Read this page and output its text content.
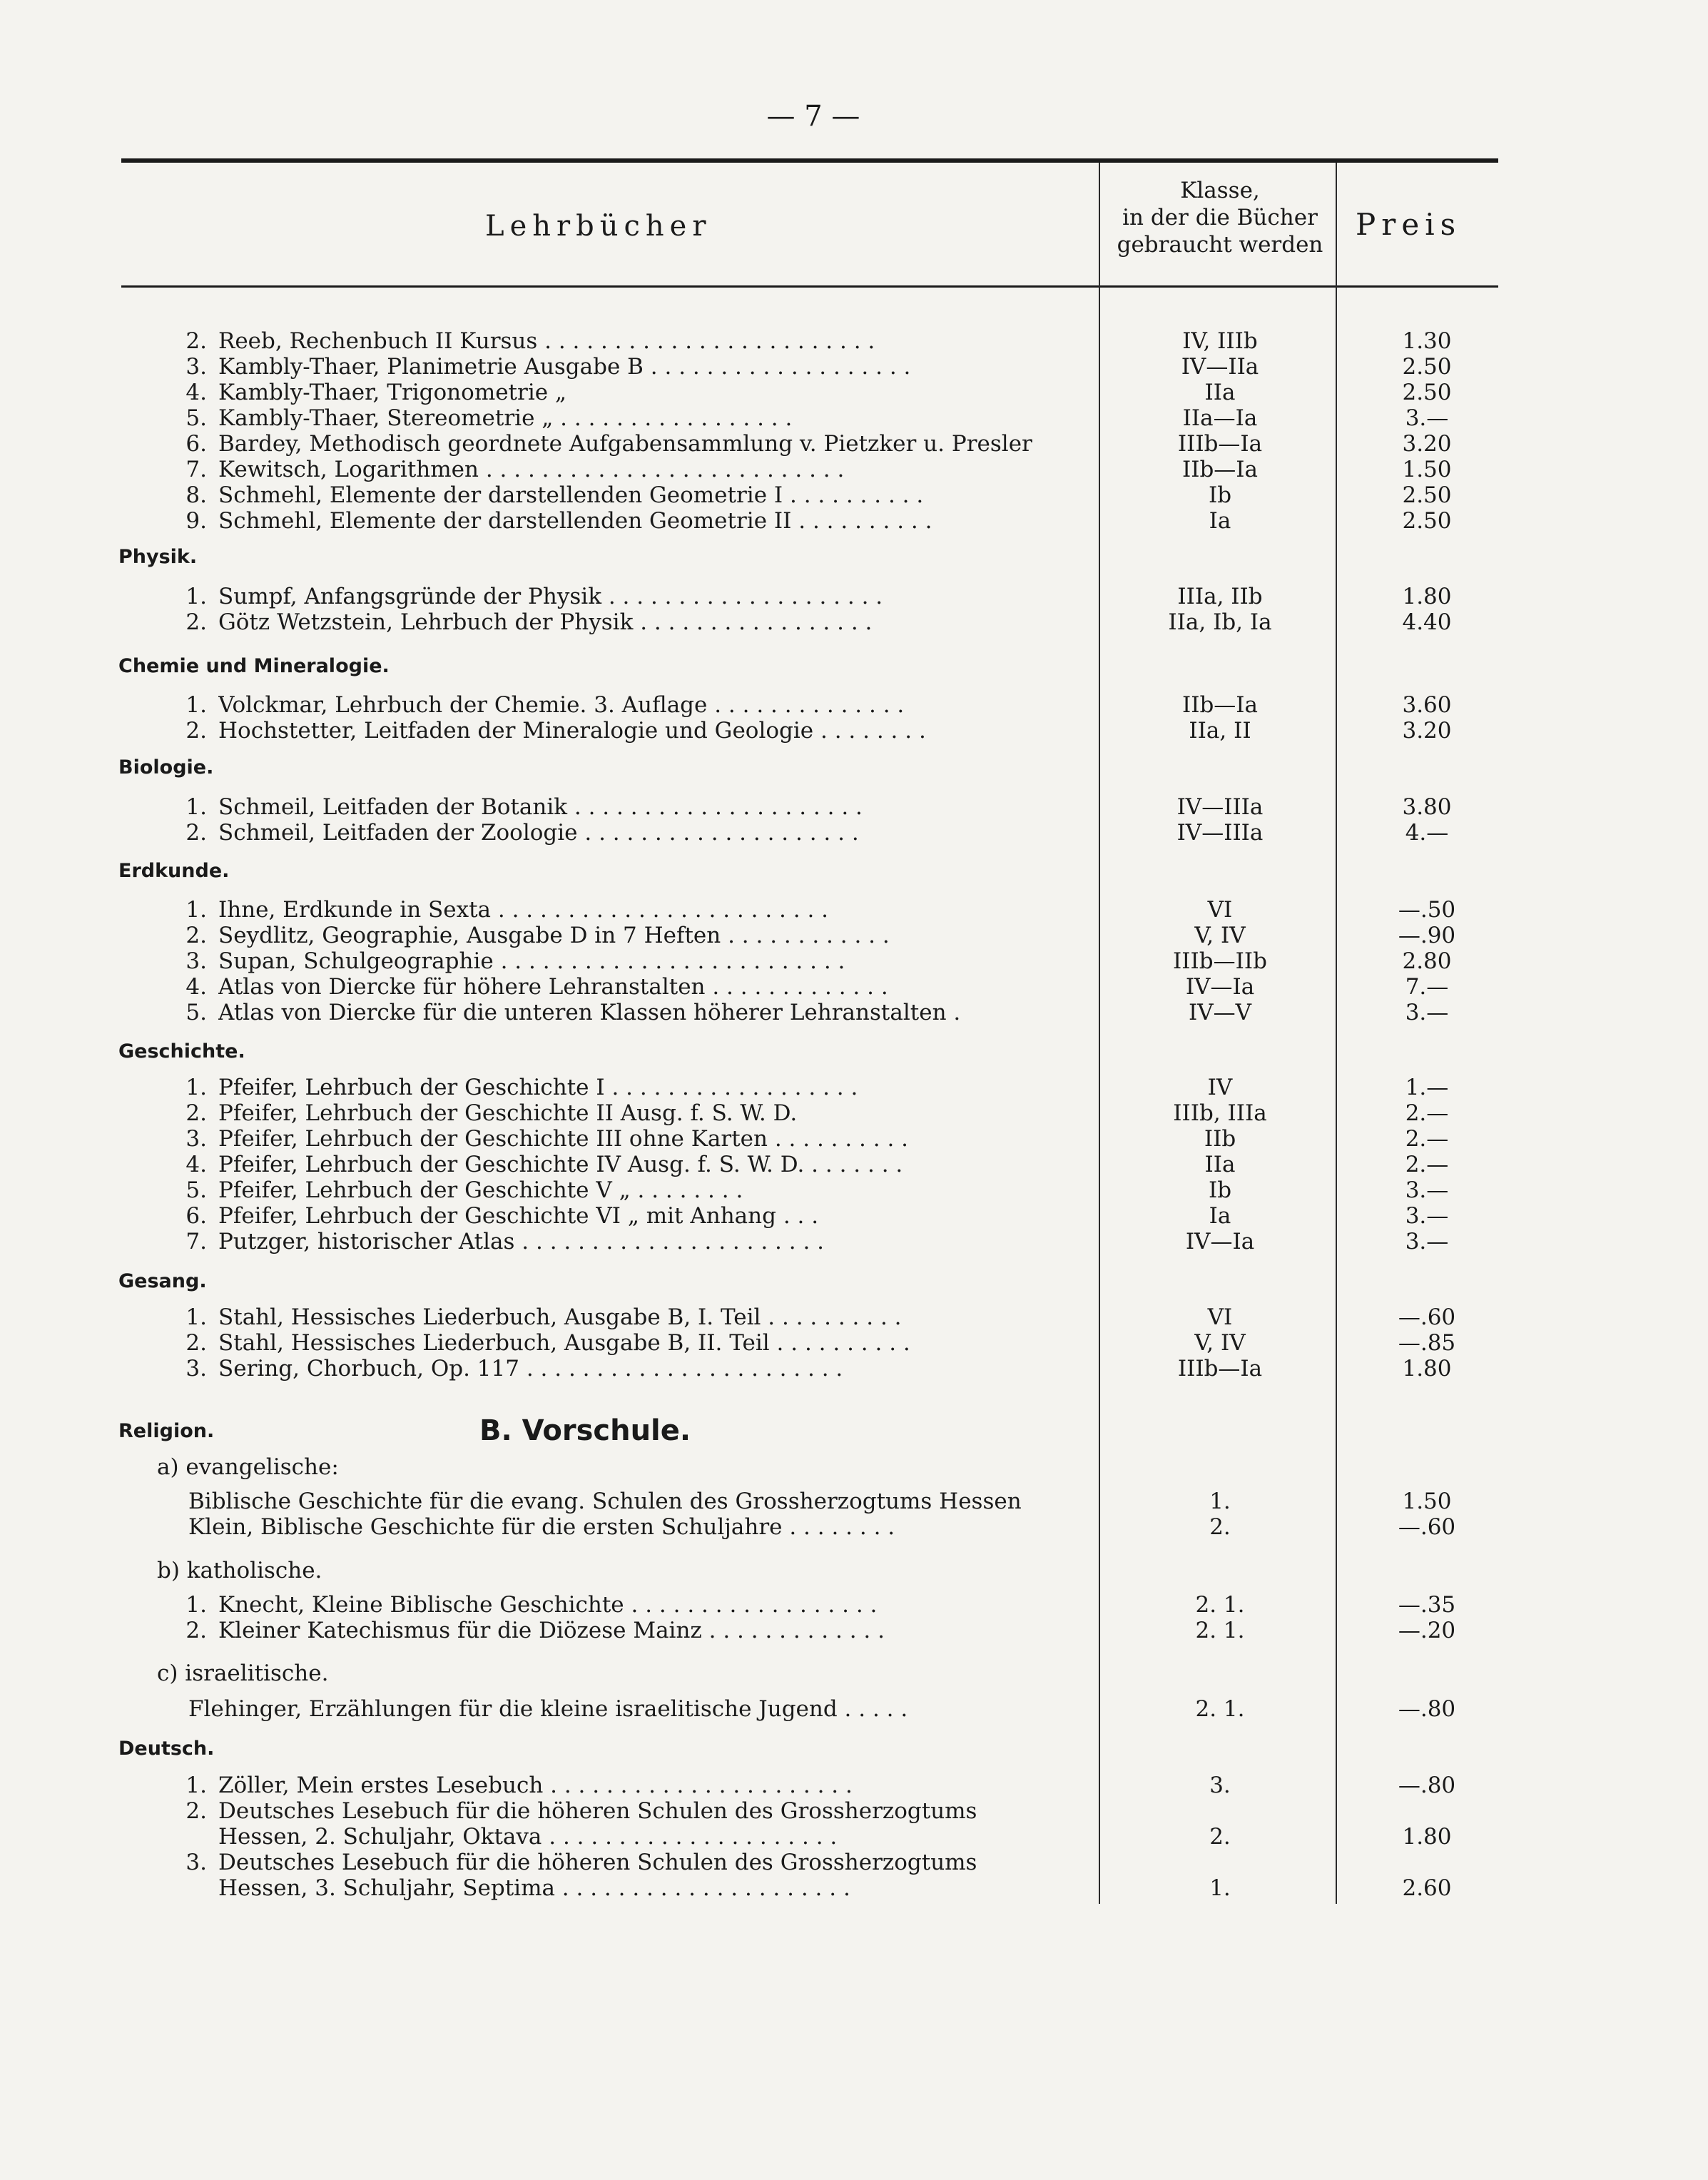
— 7 —
Lehrbücher
Klasse,
in der die Bücher
gebraucht werden
Preis
Physik.
Chemie und Mineralogie.
Biologie.
Erdkunde.
Geschichte.
Gesang.
Religion.
Deutsch.
B. Vorschule.
a) evangelische:
b) katholische.
c) israelitische.
2. Reeb, Rechenbuch II Kursus . . . . . . . . . . . . . . . . . . . . . . . .	IV, IIIb	1.30
3. Kambly-Thaer, Planimetrie Ausgabe B . . . . . . . . . . . . . . . . . . .	IV—IIa	2.50
4. Kambly-Thaer, Trigonometrie „	IIa	2.50
5. Kambly-Thaer, Stereometrie „ . . . . . . . . . . . . . . . . .	IIa—Ia	3.—
6. Bardey, Methodisch geordnete Aufgabensammlung v. Pietzker u. Presler	IIIb—Ia	3.20
7. Kewitsch, Logarithmen . . . . . . . . . . . . . . . . . . . . . . . . . .	IIb—Ia	1.50
8. Schmehl, Elemente der darstellenden Geometrie I . . . . . . . . . .	Ib	2.50
9. Schmehl, Elemente der darstellenden Geometrie II . . . . . . . . . .	Ia	2.50
1. Sumpf, Anfangsgründe der Physik . . . . . . . . . . . . . . . . . . . .	IIIa, IIb	1.80
2. Götz Wetzstein, Lehrbuch der Physik . . . . . . . . . . . . . . . . .	IIa, Ib, Ia	4.40
1. Volckmar, Lehrbuch der Chemie. 3. Auflage . . . . . . . . . . . . . .	IIb—Ia	3.60
2. Hochstetter, Leitfaden der Mineralogie und Geologie . . . . . . . .	IIa, II	3.20
1. Schmeil, Leitfaden der Botanik . . . . . . . . . . . . . . . . . . . . .	IV—IIIa	3.80
2. Schmeil, Leitfaden der Zoologie . . . . . . . . . . . . . . . . . . . .	IV—IIIa	4.—
1. Ihne, Erdkunde in Sexta . . . . . . . . . . . . . . . . . . . . . . . .	VI	—.50
2. Seydlitz, Geographie, Ausgabe D in 7 Heften . . . . . . . . . . . .	V, IV	—.90
3. Supan, Schulgeographie . . . . . . . . . . . . . . . . . . . . . . . . .	IIIb—IIb	2.80
4. Atlas von Diercke für höhere Lehranstalten . . . . . . . . . . . . .	IV—Ia	7.—
5. Atlas von Diercke für die unteren Klassen höherer Lehranstalten .	IV—V	3.—
1. Pfeifer, Lehrbuch der Geschichte I . . . . . . . . . . . . . . . . . .	IV	1.—
2. Pfeifer, Lehrbuch der Geschichte II Ausg. f. S. W. D.	IIIb, IIIa	2.—
3. Pfeifer, Lehrbuch der Geschichte III ohne Karten . . . . . . . . . .	IIb	2.—
4. Pfeifer, Lehrbuch der Geschichte IV Ausg. f. S. W. D. . . . . . . .	IIa	2.—
5. Pfeifer, Lehrbuch der Geschichte V „ . . . . . . . .	Ib	3.—
6. Pfeifer, Lehrbuch der Geschichte VI „ mit Anhang . . .	Ia	3.—
7. Putzger, historischer Atlas . . . . . . . . . . . . . . . . . . . . . .	IV—Ia	3.—
1. Stahl, Hessisches Liederbuch, Ausgabe B, I. Teil . . . . . . . . . .	VI	—.60
2. Stahl, Hessisches Liederbuch, Ausgabe B, II. Teil . . . . . . . . . .	V, IV	—.85
3. Sering, Chorbuch, Op. 117 . . . . . . . . . . . . . . . . . . . . . . .	IIIb—Ia	1.80
Biblische Geschichte für die evang. Schulen des Grossherzogtums Hessen	1.	1.50
Klein, Biblische Geschichte für die ersten Schuljahre . . . . . . . .	2.	—.60
1. Knecht, Kleine Biblische Geschichte . . . . . . . . . . . . . . . . . .	2. 1.	—.35
2. Kleiner Katechismus für die Diözese Mainz . . . . . . . . . . . . .	2. 1.	—.20
Flehinger, Erzählungen für die kleine israelitische Jugend . . . . .	2. 1.	—.80
1. Zöller, Mein erstes Lesebuch . . . . . . . . . . . . . . . . . . . . . .	3.	—.80
2. Deutsches Lesebuch für die höheren Schulen des Grossherzogtums
Hessen, 2. Schuljahr, Oktava . . . . . . . . . . . . . . . . . . . . .	2.	1.80
3. Deutsches Lesebuch für die höheren Schulen des Grossherzogtums
Hessen, 3. Schuljahr, Septima . . . . . . . . . . . . . . . . . . . . .	1.	2.60
